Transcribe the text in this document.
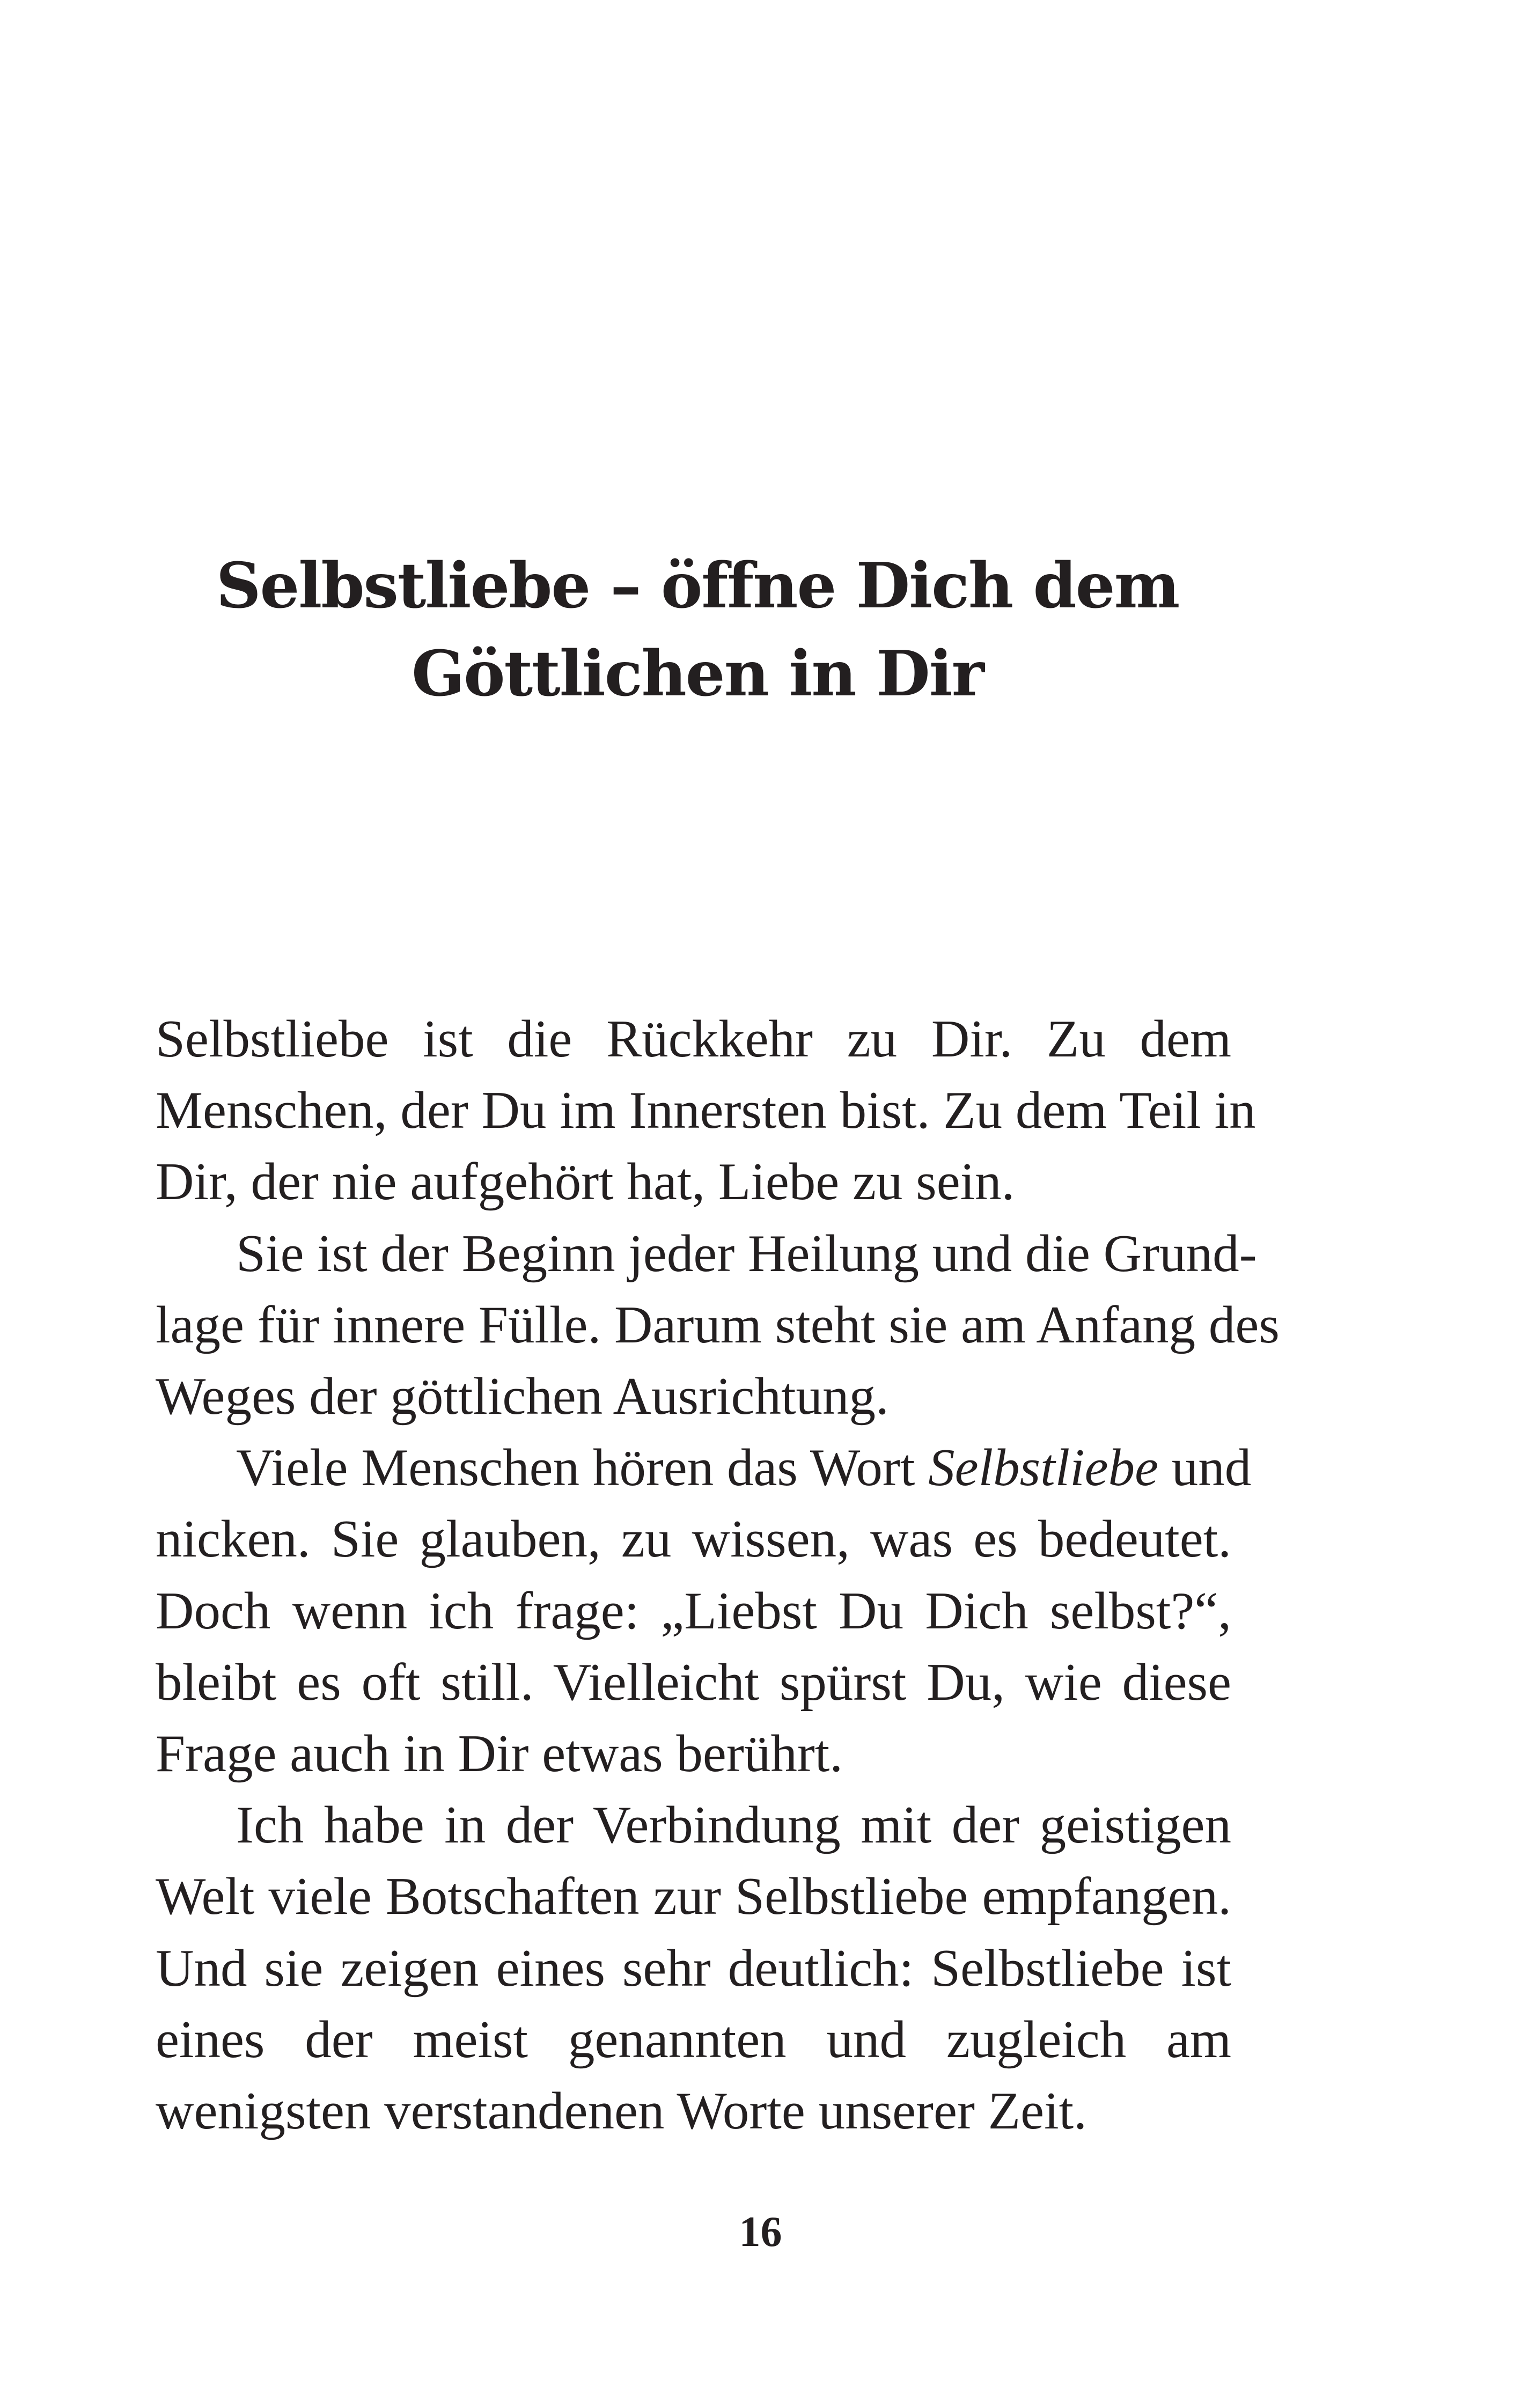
Selbstliebe – öffne Dich dem
Göttlichen in Dir

Selbstliebe ist die Rückkehr zu Dir. Zu dem
Menschen, der Du im Innersten bist. Zu dem Teil in
Dir, der nie aufgehört hat, Liebe zu sein.

Sie ist der Beginn jeder Heilung und die Grund-
lage für innere Fülle. Darum steht sie am Anfang des
Weges der göttlichen Ausrichtung.

Viele Menschen hören das Wort Selbstliebe und
nicken. Sie glauben, zu wissen, was es bedeutet.
Doch wenn ich frage: „Liebst Du Dich selbst?“,
bleibt es oft still. Vielleicht spürst Du, wie diese
Frage auch in Dir etwas berührt.

Ich habe in der Verbindung mit der geistigen
Welt viele Botschaften zur Selbstliebe empfangen.
Und sie zeigen eines sehr deutlich: Selbstliebe ist
eines der meist genannten und zugleich am
wenigsten verstandenen Worte unserer Zeit.

16
